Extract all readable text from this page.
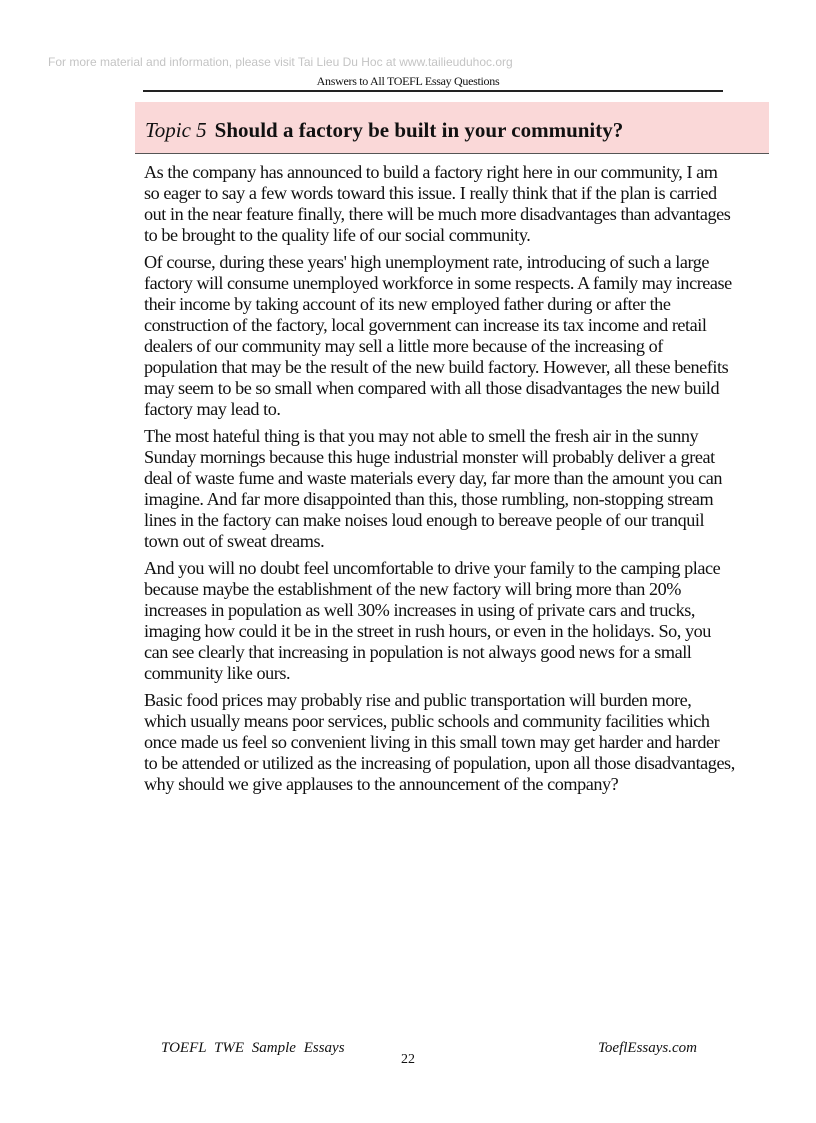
For more material and information, please visit Tai Lieu Du Hoc at www.tailieuduhoc.org
Answers to All TOEFL Essay Questions
Topic 5 Should a factory be built in your community?

As the company has announced to build a factory right here in our community, I am so eager to say a few words toward this issue. I really think that if the plan is carried out in the near feature finally, there will be much more disadvantages than advantages to be brought to the quality life of our social community.

Of course, during these years' high unemployment rate, introducing of such a large factory will consume unemployed workforce in some respects. A family may increase their income by taking account of its new employed father during or after the construction of the factory, local government can increase its tax income and retail dealers of our community may sell a little more because of the increasing of population that may be the result of the new build factory. However, all these benefits may seem to be so small when compared with all those disadvantages the new build factory may lead to.

The most hateful thing is that you may not able to smell the fresh air in the sunny Sunday mornings because this huge industrial monster will probably deliver a great deal of waste fume and waste materials every day, far more than the amount you can imagine. And far more disappointed than this, those rumbling, non-stopping stream lines in the factory can make noises loud enough to bereave people of our tranquil town out of sweat dreams.

And you will no doubt feel uncomfortable to drive your family to the camping place because maybe the establishment of the new factory will bring more than 20% increases in population as well 30% increases in using of private cars and trucks, imaging how could it be in the street in rush hours, or even in the holidays. So, you can see clearly that increasing in population is not always good news for a small community like ours.

Basic food prices may probably rise and public transportation will burden more, which usually means poor services, public schools and community facilities which once made us feel so convenient living in this small town may get harder and harder to be attended or utilized as the increasing of population, upon all those disadvantages, why should we give applauses to the announcement of the company?

TOEFL TWE Sample Essays
22
ToeflEssays.com
